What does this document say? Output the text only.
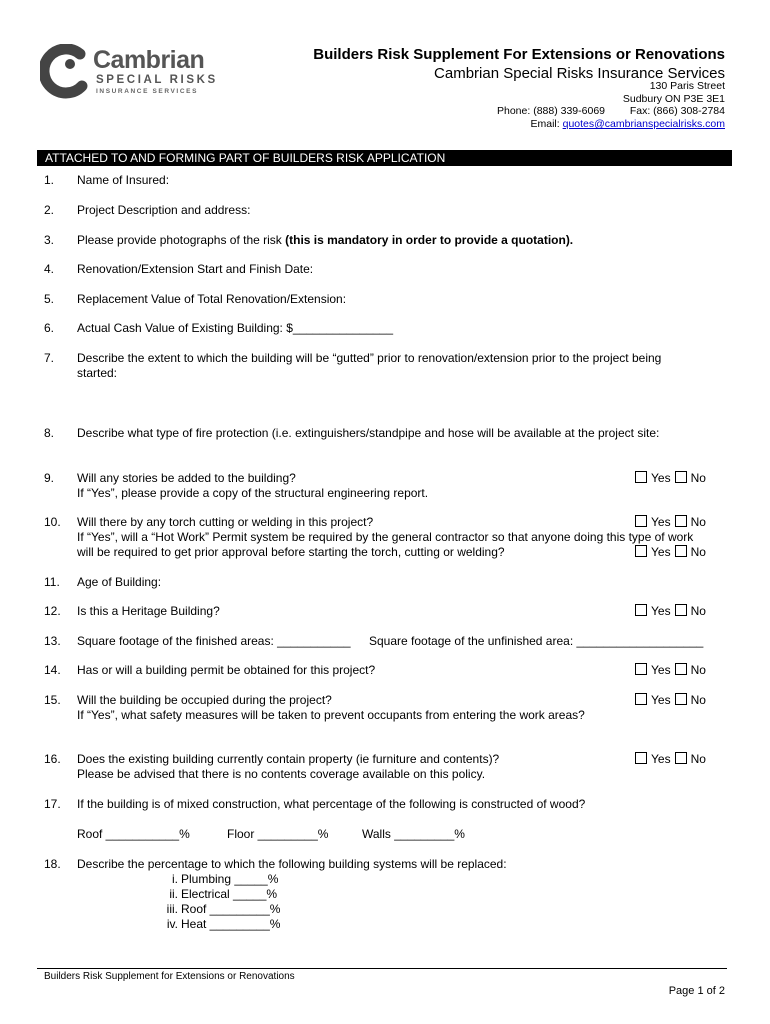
Cambrian
SPECIAL RISKS
INSURANCE SERVICES
Builders Risk Supplement For Extensions or Renovations
Cambrian Special Risks Insurance Services
130 Paris Street
Sudbury ON P3E 3E1
Phone: (888) 339-6069 Fax: (866) 308-2784
Email: quotes@cambrianspecialrisks.com
ATTACHED TO AND FORMING PART OF BUILDERS RISK APPLICATION
1. Name of Insured:
2. Project Description and address:
3. Please provide photographs of the risk (this is mandatory in order to provide a quotation).
4. Renovation/Extension Start and Finish Date:
5. Replacement Value of Total Renovation/Extension:
6. Actual Cash Value of Existing Building: $_______________
7. Describe the extent to which the building will be “gutted” prior to renovation/extension prior to the project being
started:
8. Describe what type of fire protection (i.e. extinguishers/standpipe and hose will be available at the project site:
9. Will any stories be added to the building?
If “Yes”, please provide a copy of the structural engineering report.
Yes No
10. Will there by any torch cutting or welding in this project?
If “Yes”, will a “Hot Work” Permit system be required by the general contractor so that anyone doing this type of work
will be required to get prior approval before starting the torch, cutting or welding?
Yes No
Yes No
11. Age of Building:
12. Is this a Heritage Building?	Yes No
13. Square footage of the finished areas: ___________ Square footage of the unfinished area: ___________________
14. Has or will a building permit be obtained for this project?	Yes No
15. Will the building be occupied during the project?
If “Yes”, what safety measures will be taken to prevent occupants from entering the work areas?
Yes No
16. Does the existing building currently contain property (ie furniture and contents)?
Please be advised that there is no contents coverage available on this policy.
Yes No
17. If the building is of mixed construction, what percentage of the following is constructed of wood?
Roof ___________%	Floor _________%	Walls _________%
18. Describe the percentage to which the following building systems will be replaced:
i. Plumbing _____%
ii. Electrical _____%
iii. Roof _________%
iv. Heat _________%
Builders Risk Supplement for Extensions or Renovations
Page 1 of 2
